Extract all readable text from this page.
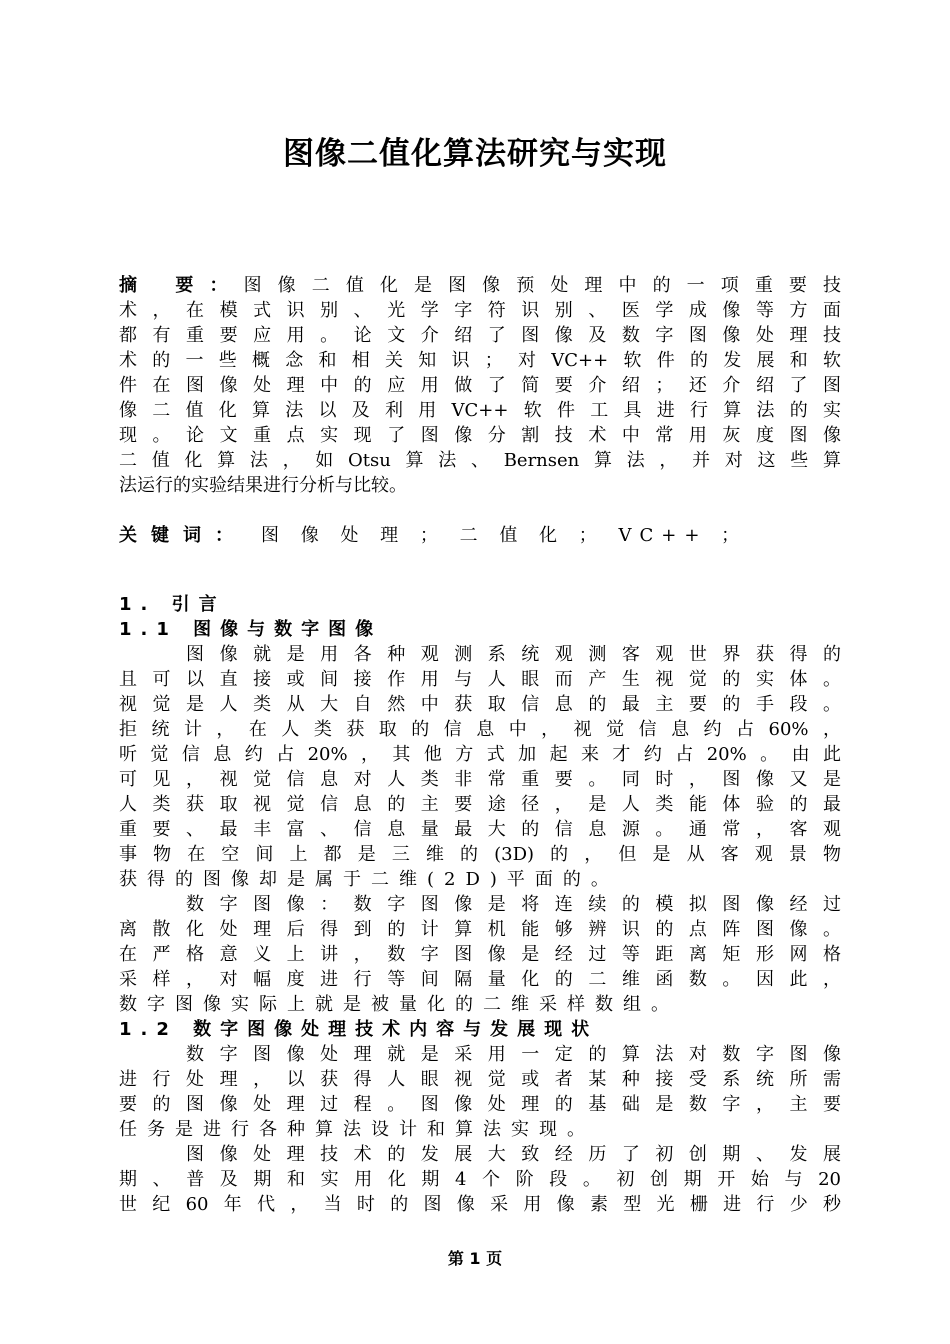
图像二值化算法研究与实现
摘 要：图像二值化是图像预处理中的一项重要技
术​，​在​模​式​识​别​、​光​学​字​符​识​别​、​医​学​成​像​等​方​面
都​有​重​要​应​用​。​论​文​介​绍​了​图​像​及​数​字​图​像​处​理​技
术​的​一​些​概​念​和​相​关​知​识​；​对​V​C​+​+​软​件​的​发​展​和​软
件​在​图​像​处​理​中​的​应​用​做​了​简​要​介​绍​；​还​介​绍​了​图
像​二​值​化​算​法​以​及​利​用​V​C​+​+​软​件​工​具​进​行​算​法​的​实
现​。​论​文​重​点​实​现​了​图​像​分​割​技​术​中​常​用​灰​度​图​像
二​值​化​算​法​，​如​O​t​s​u​算​法​、​B​e​r​n​s​e​n​算​法​，​并​对​这​些​算
法​运​行​的​实​验​结​果​进​行​分​析​与​比​较​。
关键词： 图 像 处 理 ； 二 值 化 ； VC++ ；
1. 引言
1.1 图像与数字图像
　​　​图​像​就​是​用​各​种​观​测​系​统​观​测​客​观​世​界​获​得​的
且​可​以​直​接​或​间​接​作​用​与​人​眼​而​产​生​视​觉​的​实​体​。
视​觉​是​人​类​从​大​自​然​中​获​取​信​息​的​最​主​要​的​手​段​。
拒​统​计​，​在​人​类​获​取​的​信​息​中​，​视​觉​信​息​约​占​6​0​%​，
听​觉​信​息​约​占​2​0​%​，​其​他​方​式​加​起​来​才​约​占​2​0​%​。​由​此
可​见​，​视​觉​信​息​对​人​类​非​常​重​要​。​同​时​，​图​像​又​是
人​类​获​取​视​觉​信​息​的​主​要​途​径​，​是​人​类​能​体​验​的​最
重​要​、​最​丰​富​、​信​息​量​最​大​的​信​息​源​。​通​常​，​客​观
事​物​在​空​间​上​都​是​三​维​的​(​3​D​)​的​，​但​是​从​客​观​景​物
获​得​的​图​像​却​是​属​于​二​维​(​2​D​)​平​面​的​。
　​　​数​字​图​像​：​数​字​图​像​是​将​连​续​的​模​拟​图​像​经​过
离​散​化​处​理​后​得​到​的​计​算​机​能​够​辨​识​的​点​阵​图​像​。
在​严​格​意​义​上​讲​，​数​字​图​像​是​经​过​等​距​离​矩​形​网​格
采​样​，​对​幅​度​进​行​等​间​隔​量​化​的​二​维​函​数​。​因​此​，
数​字​图​像​实​际​上​就​是​被​量​化​的​二​维​采​样​数​组​。
1.2 数字图像处理技术内容与发展现状
　​　​数​字​图​像​处​理​就​是​采​用​一​定​的​算​法​对​数​字​图​像
进​行​处​理​，​以​获​得​人​眼​视​觉​或​者​某​种​接​受​系​统​所​需
要​的​图​像​处​理​过​程​。​图​像​处​理​的​基​础​是​数​字​，​主​要
任​务​是​进​行​各​种​算​法​设​计​和​算​法​实​现​。
　​　​图​像​处​理​技​术​的​发​展​大​致​经​历​了​初​创​期​、​发​展
期​、​普​及​期​和​实​用​化​期​4​个​阶​段​。​初​创​期​开​始​与​2​0
世​纪​6​0​年​代​，​当​时​的​图​像​采​用​像​素​型​光​栅​进​行​少​秒
第 1 页
